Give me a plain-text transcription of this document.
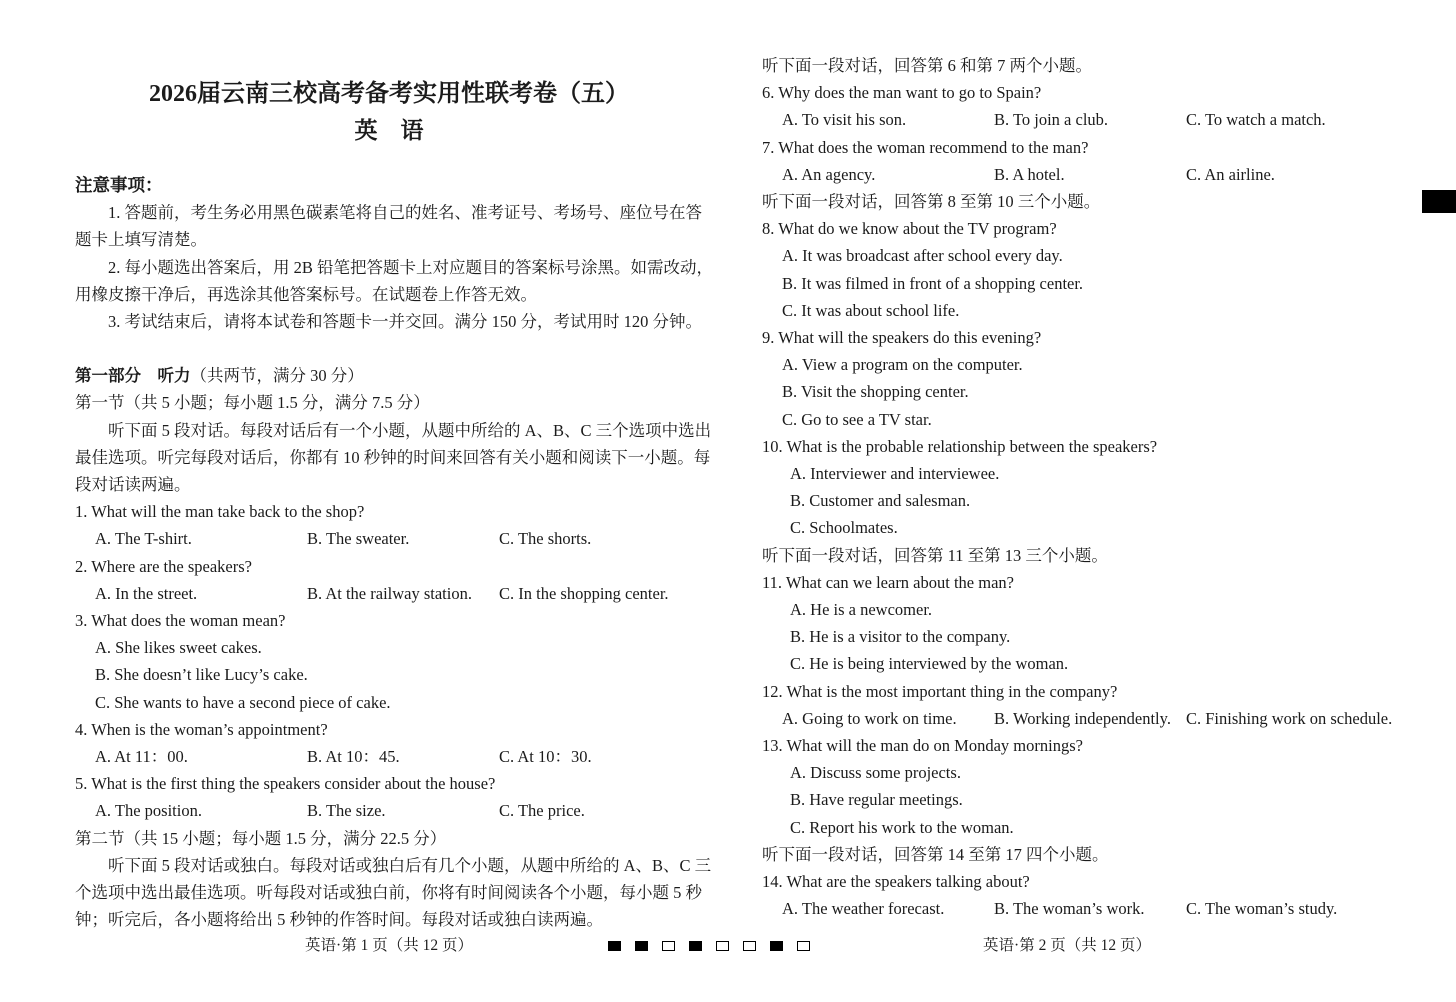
2026届云南三校高考备考实用性联考卷（五）
英　语
注意事项：
1. 答题前，考生务必用黑色碳素笔将自己的姓名、准考证号、考场号、座位号在答
题卡上填写清楚。
2. 每小题选出答案后，用 2B 铅笔把答题卡上对应题目的答案标号涂黑。如需改动，
用橡皮擦干净后，再选涂其他答案标号。在试题卷上作答无效。
3. 考试结束后，请将本试卷和答题卡一并交回。满分 150 分，考试用时 120 分钟。
第一部分　听力（共两节，满分 30 分）
第一节（共 5 小题；每小题 1.5 分，满分 7.5 分）
听下面 5 段对话。每段对话后有一个小题，从题中所给的 A、B、C 三个选项中选出
最佳选项。听完每段对话后，你都有 10 秒钟的时间来回答有关小题和阅读下一小题。每
段对话读两遍。
1. What will the man take back to the shop?
A. The T-shirt.	B. The sweater.	C. The shorts.
2. Where are the speakers?
A. In the street.	B. At the railway station.	C. In the shopping center.
3. What does the woman mean?
A. She likes sweet cakes.
B. She doesn’t like Lucy’s cake.
C. She wants to have a second piece of cake.
4. When is the woman’s appointment?
A. At 11：00.	B. At 10：45.	C. At 10：30.
5. What is the first thing the speakers consider about the house?
A. The position.	B. The size.	C. The price.
第二节（共 15 小题；每小题 1.5 分，满分 22.5 分）
听下面 5 段对话或独白。每段对话或独白后有几个小题，从题中所给的 A、B、C 三
个选项中选出最佳选项。听每段对话或独白前，你将有时间阅读各个小题，每小题 5 秒
钟；听完后，各小题将给出 5 秒钟的作答时间。每段对话或独白读两遍。
听下面一段对话，回答第 6 和第 7 两个小题。
6. Why does the man want to go to Spain?
A. To visit his son.	B. To join a club.	C. To watch a match.
7. What does the woman recommend to the man?
A. An agency.	B. A hotel.	C. An airline.
听下面一段对话，回答第 8 至第 10 三个小题。
8. What do we know about the TV program?
A. It was broadcast after school every day.
B. It was filmed in front of a shopping center.
C. It was about school life.
9. What will the speakers do this evening?
A. View a program on the computer.
B. Visit the shopping center.
C. Go to see a TV star.
10. What is the probable relationship between the speakers?
A. Interviewer and interviewee.
B. Customer and salesman.
C. Schoolmates.
听下面一段对话，回答第 11 至第 13 三个小题。
11. What can we learn about the man?
A. He is a newcomer.
B. He is a visitor to the company.
C. He is being interviewed by the woman.
12. What is the most important thing in the company?
A. Going to work on time.	B. Working independently. C. Finishing work on schedule.
13. What will the man do on Monday mornings?
A. Discuss some projects.
B. Have regular meetings.
C. Report his work to the woman.
听下面一段对话，回答第 14 至第 17 四个小题。
14. What are the speakers talking about?
A. The weather forecast.	B. The woman’s work.	C. The woman’s study.
英语·第 1 页（共 12 页）	英语·第 2 页（共 12 页）
